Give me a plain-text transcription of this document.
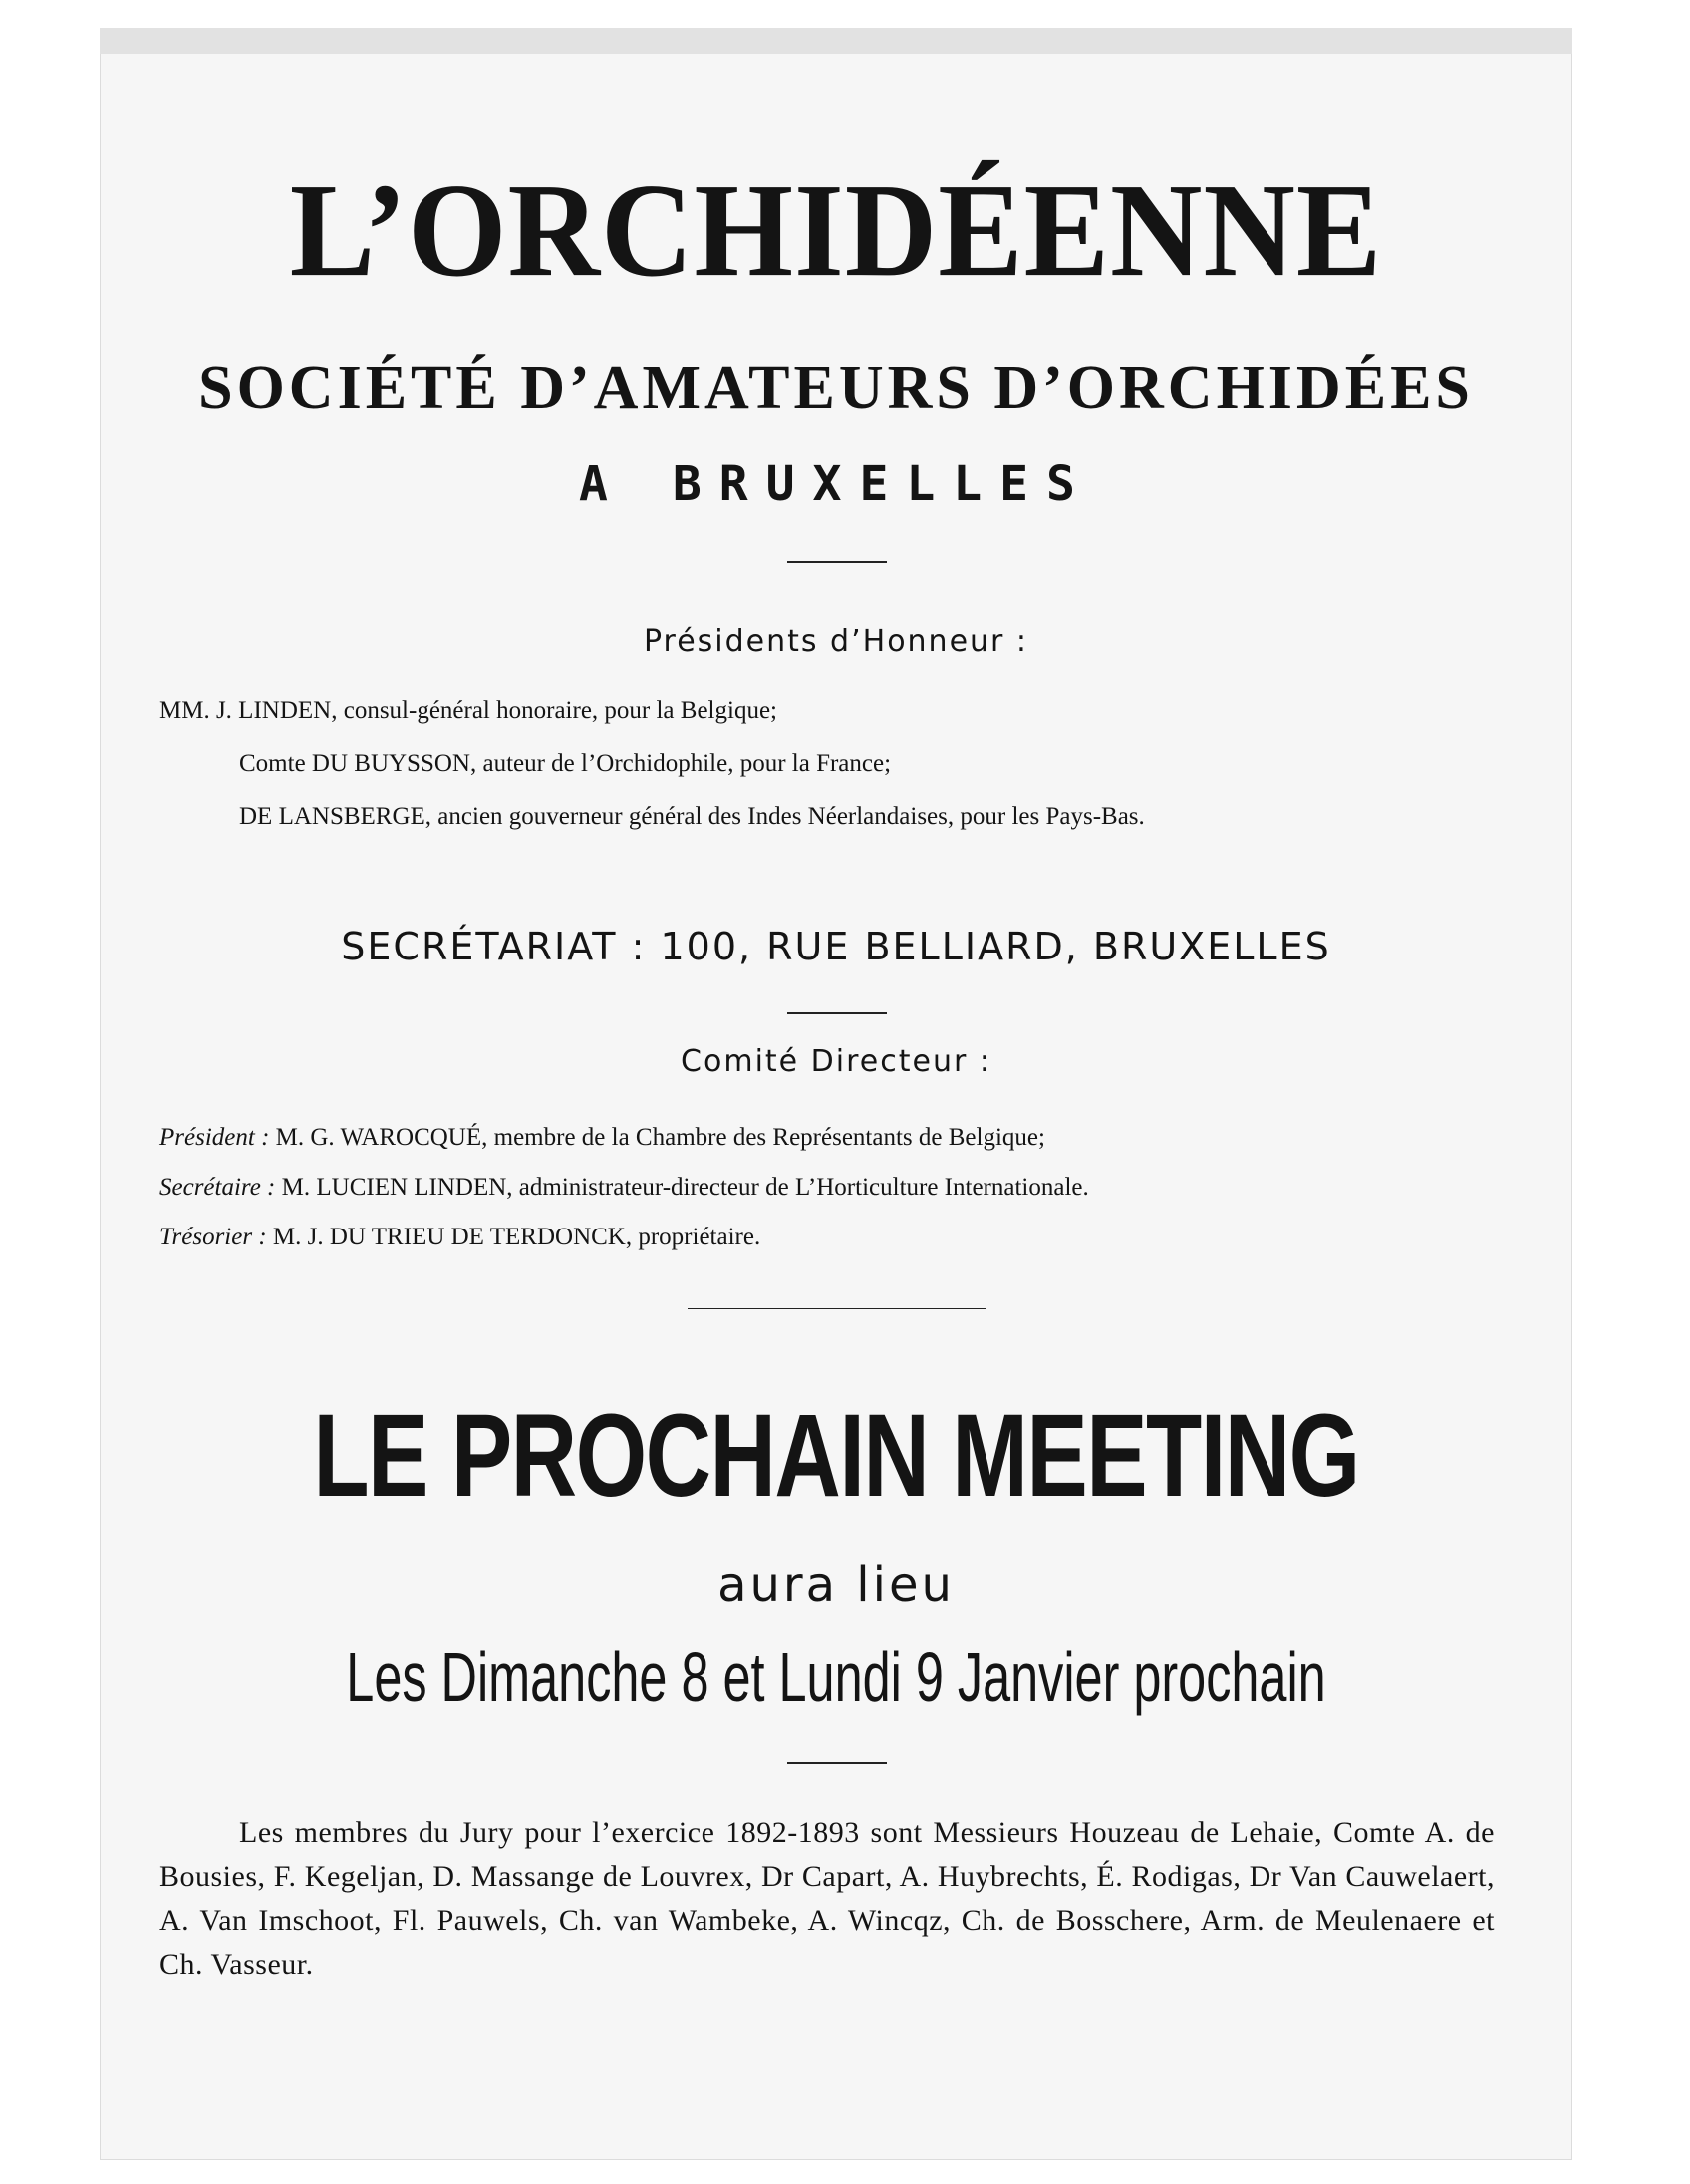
L’ORCHIDÉENNE
SOCIÉTÉ D’AMATEURS D’ORCHIDÉES
A BRUXELLES
Présidents d’Honneur :
MM. J. LINDEN, consul-général honoraire, pour la Belgique;
Comte DU BUYSSON, auteur de l’Orchidophile, pour la France;
DE LANSBERGE, ancien gouverneur général des Indes Néerlandaises, pour les Pays-Bas.
SECRÉTARIAT : 100, RUE BELLIARD, BRUXELLES
Comité Directeur :
Président : M. G. WAROCQUÉ, membre de la Chambre des Représentants de Belgique;
Secrétaire : M. LUCIEN LINDEN, administrateur-directeur de L’Horticulture Internationale.
Trésorier : M. J. DU TRIEU DE TERDONCK, propriétaire.
LE PROCHAIN MEETING
aura lieu
Les Dimanche 8 et Lundi 9 Janvier prochain

Les membres du Jury pour l’exercice 1892-1893 sont Messieurs Houzeau de Lehaie, Comte A. de Bousies, F. Kegeljan, D. Massange de Louvrex, Dr Capart, A. Huybrechts, É. Rodigas, Dr Van Cauwelaert, A. Van Imschoot, Fl. Pauwels, Ch. van Wambeke, A. Wincqz, Ch. de Bosschere, Arm. de Meulenaere et Ch. Vasseur.
